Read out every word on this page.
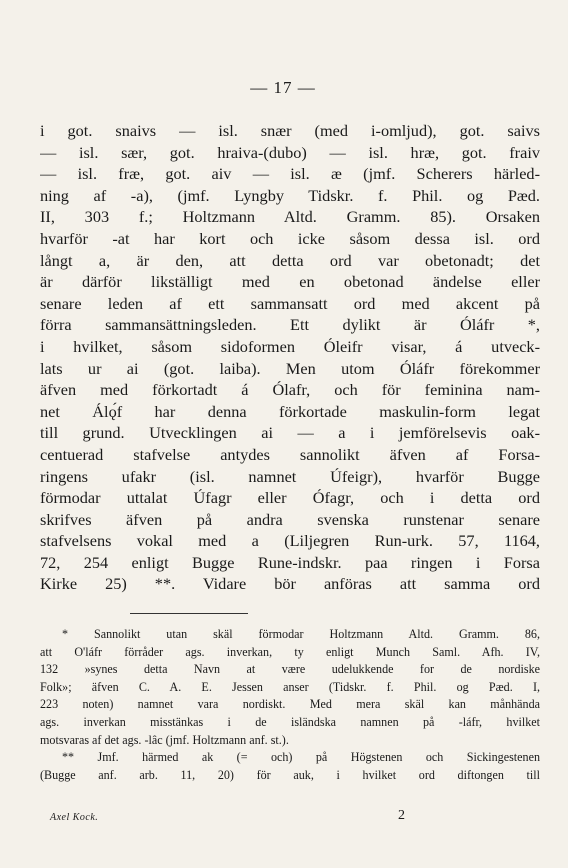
— 17 —

i got. snaivs — isl. snær (med i-omljud), got. saivs

— isl. sær, got. hraiva-(dubo) — isl. hræ, got. fraiv

— isl. fræ, got. aiv — isl. æ (jmf. Scherers härled-

ning af -a), (jmf. Lyngby Tidskr. f. Phil. og Pæd.

II, 303 f.; Holtzmann Altd. Gramm. 85). Orsaken

hvarför -at har kort och icke såsom dessa isl. ord

långt a, är den, att detta ord var obetonadt; det

är därför likställigt med en obetonad ändelse eller

senare leden af ett sammansatt ord med akcent på

förra sammansättningsleden. Ett dylikt är Óláfr *,

i hvilket, såsom sidoformen Óleifr visar, á utveck-

lats ur ai (got. laiba). Men utom Óláfr förekommer

äfven med förkortadt á Ólafr, och för feminina nam-

net Álǫ́f har denna förkortade maskulin-form legat

till grund. Utvecklingen ai — a i jemförelsevis oak-

centuerad stafvelse antydes sannolikt äfven af Forsa-

ringens ufakr (isl. namnet Úfeigr), hvarför Bugge

förmodar uttalat Úfagr eller Ófagr, och i detta ord

skrifves äfven på andra svenska runstenar senare

stafvelsens vokal med a (Liljegren Run-urk. 57, 1164,

72, 254 enligt Bugge Rune-indskr. paa ringen i Forsa

Kirke 25) **. Vidare bör anföras att samma ord

* Sannolikt utan skäl förmodar Holtzmann Altd. Gramm. 86,

att O'láfr förråder ags. inverkan, ty enligt Munch Saml. Afh. IV,

132 »synes detta Navn at være udelukkende for de nordiske

Folk»; äfven C. A. E. Jessen anser (Tidskr. f. Phil. og Pæd. I,

223 noten) namnet vara nordiskt. Med mera skäl kan månhända

ags. inverkan misstänkas i de isländska namnen på -láfr, hvilket

motsvaras af det ags. -lâc (jmf. Holtzmann anf. st.).

** Jmf. härmed ak (= och) på Högstenen och Sickingestenen

(Bugge anf. arb. 11, 20) för auk, i hvilket ord diftongen till

Axel Kock.	2
